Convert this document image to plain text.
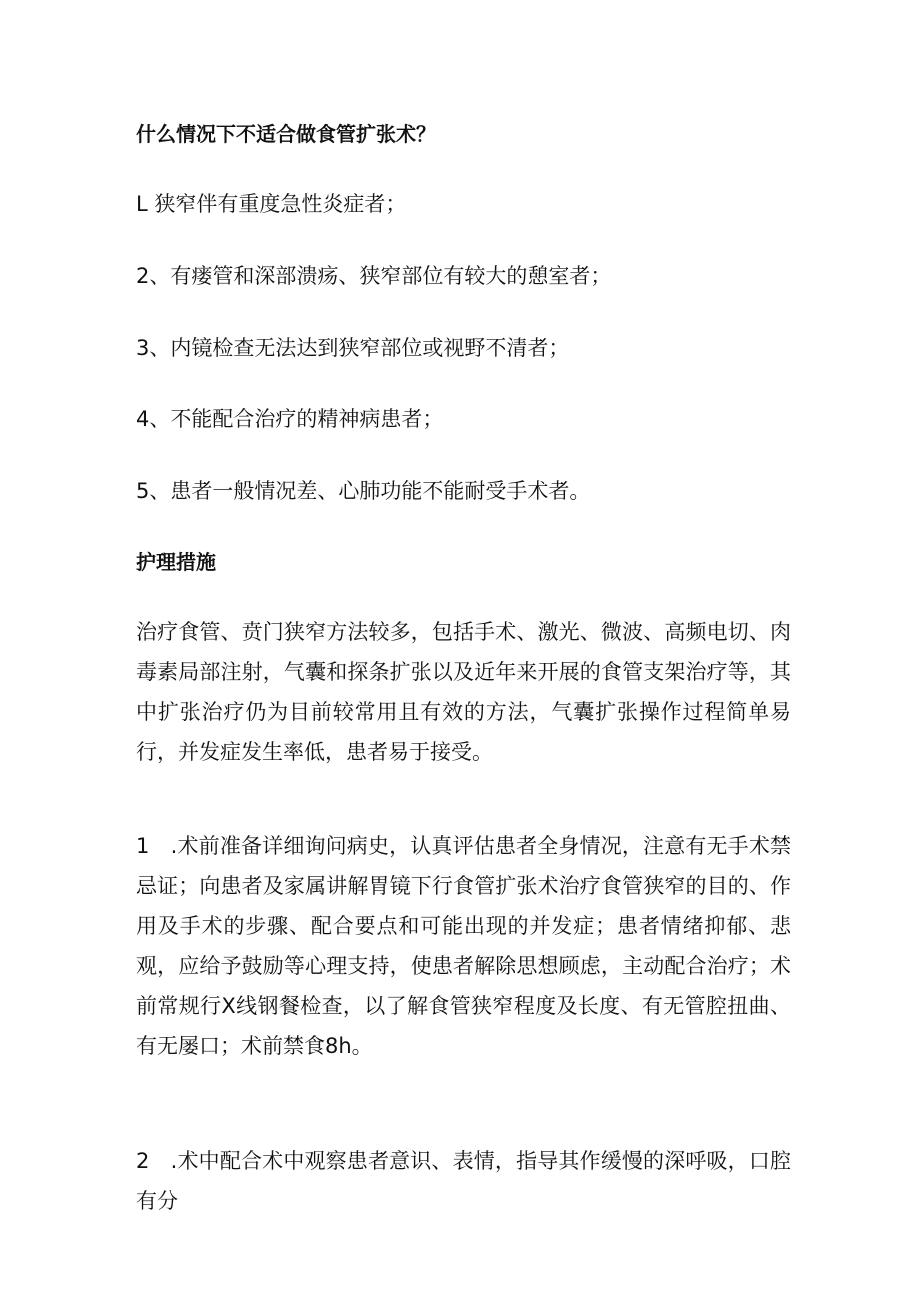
什么情况下不适合做食管扩张术？
L 狭窄伴有重度急性炎症者；
2、有瘘管和深部溃疡、狭窄部位有较大的憩室者；
3、内镜检查无法达到狭窄部位或视野不清者；
4、不能配合治疗的精神病患者；
5、患者一般情况差、心肺功能不能耐受手术者。
护理措施
治疗食管、贲门狭窄方法较多，包括手术、激光、微波、高频电切、肉毒素局部注射，气囊和探条扩张以及近年来开展的食管支架治疗等，其中扩张治疗仍为目前较常用且有效的方法，气囊扩张操作过程简单易行，并发症发生率低，患者易于接受。
1　.术前准备详细询问病史，认真评估患者全身情况，注意有无手术禁忌证；向患者及家属讲解胃镜下行食管扩张术治疗食管狭窄的目的、作用及手术的步骤、配合要点和可能出现的并发症；患者情绪抑郁、悲观，应给予鼓励等心理支持，使患者解除思想顾虑，主动配合治疗；术前常规行X线钢餐检查，以了解食管狭窄程度及长度、有无管腔扭曲、有无屡口；术前禁食8h。
2　.术中配合术中观察患者意识、表情，指导其作缓慢的深呼吸，口腔有分
